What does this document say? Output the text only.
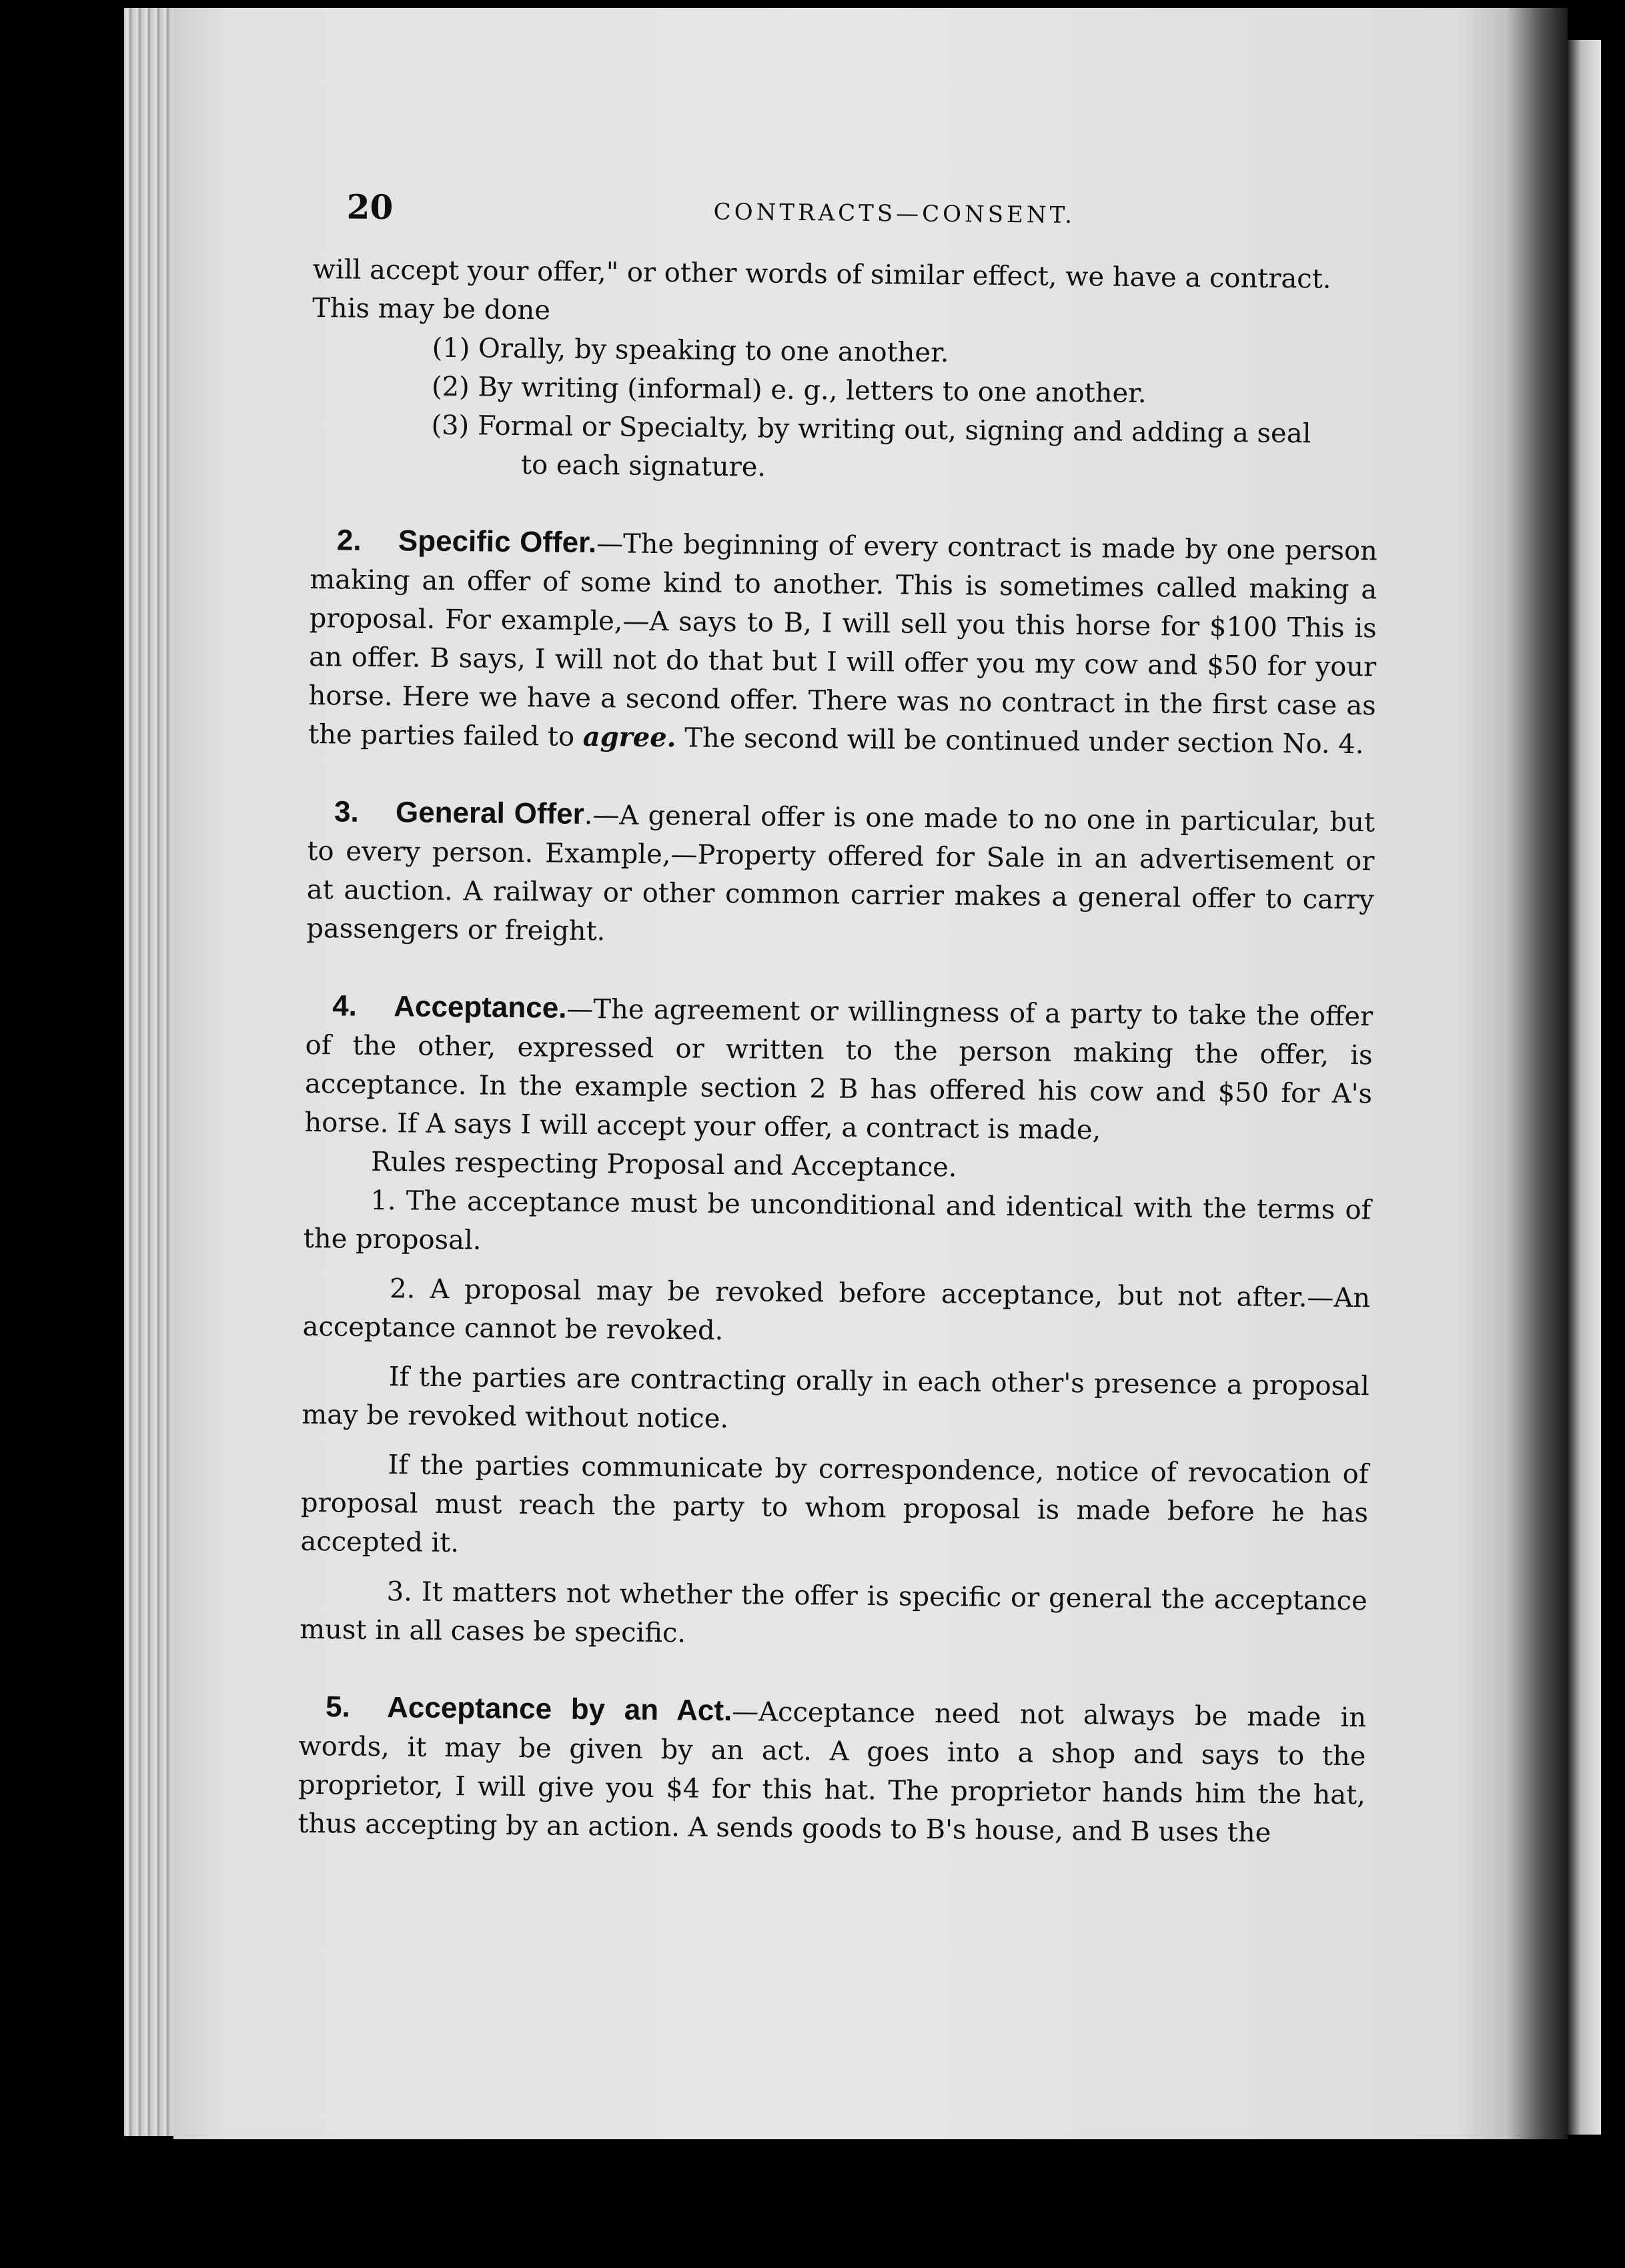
20	CONTRACTS—CONSENT.

will accept your offer," or other words of similar effect, we have a contract.

This may be done

(1) Orally, by speaking to one another.
(2) By writing (informal) e. g., letters to one another.
(3) Formal or Specialty, by writing out, signing and adding a seal
to each signature.

2. Specific Offer.—The beginning of every contract is made by one person making an offer of some kind to another. This is sometimes called making a proposal. For example,—A says to B, I will sell you this horse for $100 This is an offer. B says, I will not do that but I will offer you my cow and $50 for your horse. Here we have a second offer. There was no contract in the first case as the parties failed to agree. The second will be continued under section No. 4.

3. General Offer.—A general offer is one made to no one in particular, but to every person. Example,—Property offered for Sale in an advertisement or at auction. A railway or other common carrier makes a general offer to carry passengers or freight.

4. Acceptance.—The agreement or willingness of a party to take the offer of the other, expressed or written to the person making the offer, is acceptance. In the example section 2 B has offered his cow and $50 for A's horse. If A says I will accept your offer, a contract is made,

Rules respecting Proposal and Acceptance.

1. The acceptance must be unconditional and identical with the terms of the proposal.

2. A proposal may be revoked before acceptance, but not after.—An acceptance cannot be revoked.

If the parties are contracting orally in each other's presence a proposal may be revoked without notice.

If the parties communicate by correspondence, notice of revocation of proposal must reach the party to whom proposal is made before he has accepted it.

3. It matters not whether the offer is specific or general the acceptance must in all cases be specific.

5. Acceptance by an Act.—Acceptance need not always be made in words, it may be given by an act. A goes into a shop and says to the proprietor, I will give you $4 for this hat. The proprietor hands him the hat, thus accepting by an action. A sends goods to B's house, and B uses the
